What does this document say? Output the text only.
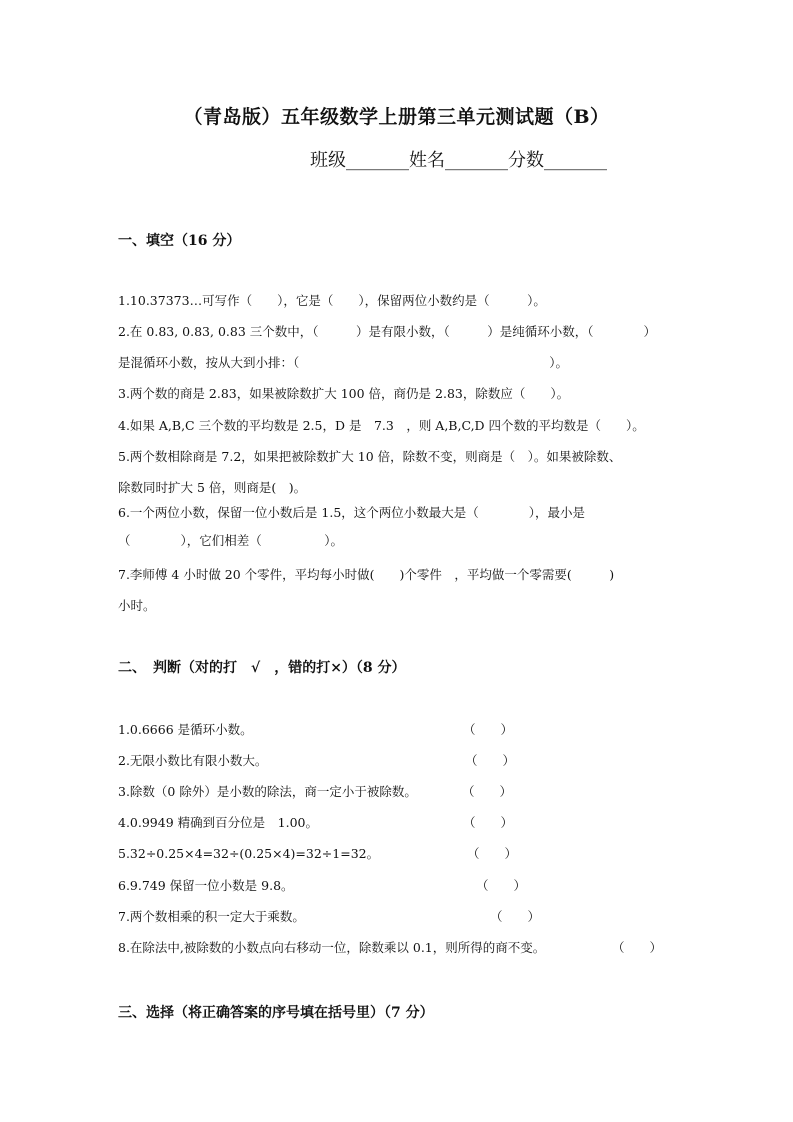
（青岛版）五年级数学上册第三单元测试题（B）
班级_______姓名_______分数_______
一、填空（16 分）
1.10.37373…可写作（　　），它是（　　），保留两位小数约是（　　　）。
2.在 0.83, 0.83, 0.83 三个数中，（　　　）是有限小数，（　　　）是纯循环小数，（　　　　）
是混循环小数，按从大到小排：（　　　　　　　　　　　　　　　　　　　　）。
3.两个数的商是 2.83，如果被除数扩大 100 倍，商仍是 2.83，除数应（　　）。
4.如果 A,B,C 三个数的平均数是 2.5，D 是　7.3　，则 A,B,C,D 四个数的平均数是（　　）。
5.两个数相除商是 7.2，如果把被除数扩大 10 倍，除数不变，则商是（　）。如果被除数、
除数同时扩大 5 倍，则商是(　)。
6.一个两位小数，保留一位小数后是 1.5，这个两位小数最大是（　　　　），最小是
（　　　　），它们相差（　　　　　）。
7.李师傅 4 小时做 20 个零件，平均每小时做(　　)个零件　，平均做一个零需要(　　　)
小时。
二、　判断（对的打　√　，错的打×）（8 分）
1.0.6666 是循环小数。	（　　）
2.无限小数比有限小数大。	（　　）
3.除数（0 除外）是小数的除法，商一定小于被除数。	（　　）
4.0.9949 精确到百分位是　1.00。	（　　）
5.32÷0.25×4=32÷(0.25×4)=32÷1=32。	（　　）
6.9.749 保留一位小数是 9.8。	（　　）
7.两个数相乘的积一定大于乘数。	（　　）
8.在除法中,被除数的小数点向右移动一位，除数乘以 0.1，则所得的商不变。	（　　）
三、选择（将正确答案的序号填在括号里）（7 分）
